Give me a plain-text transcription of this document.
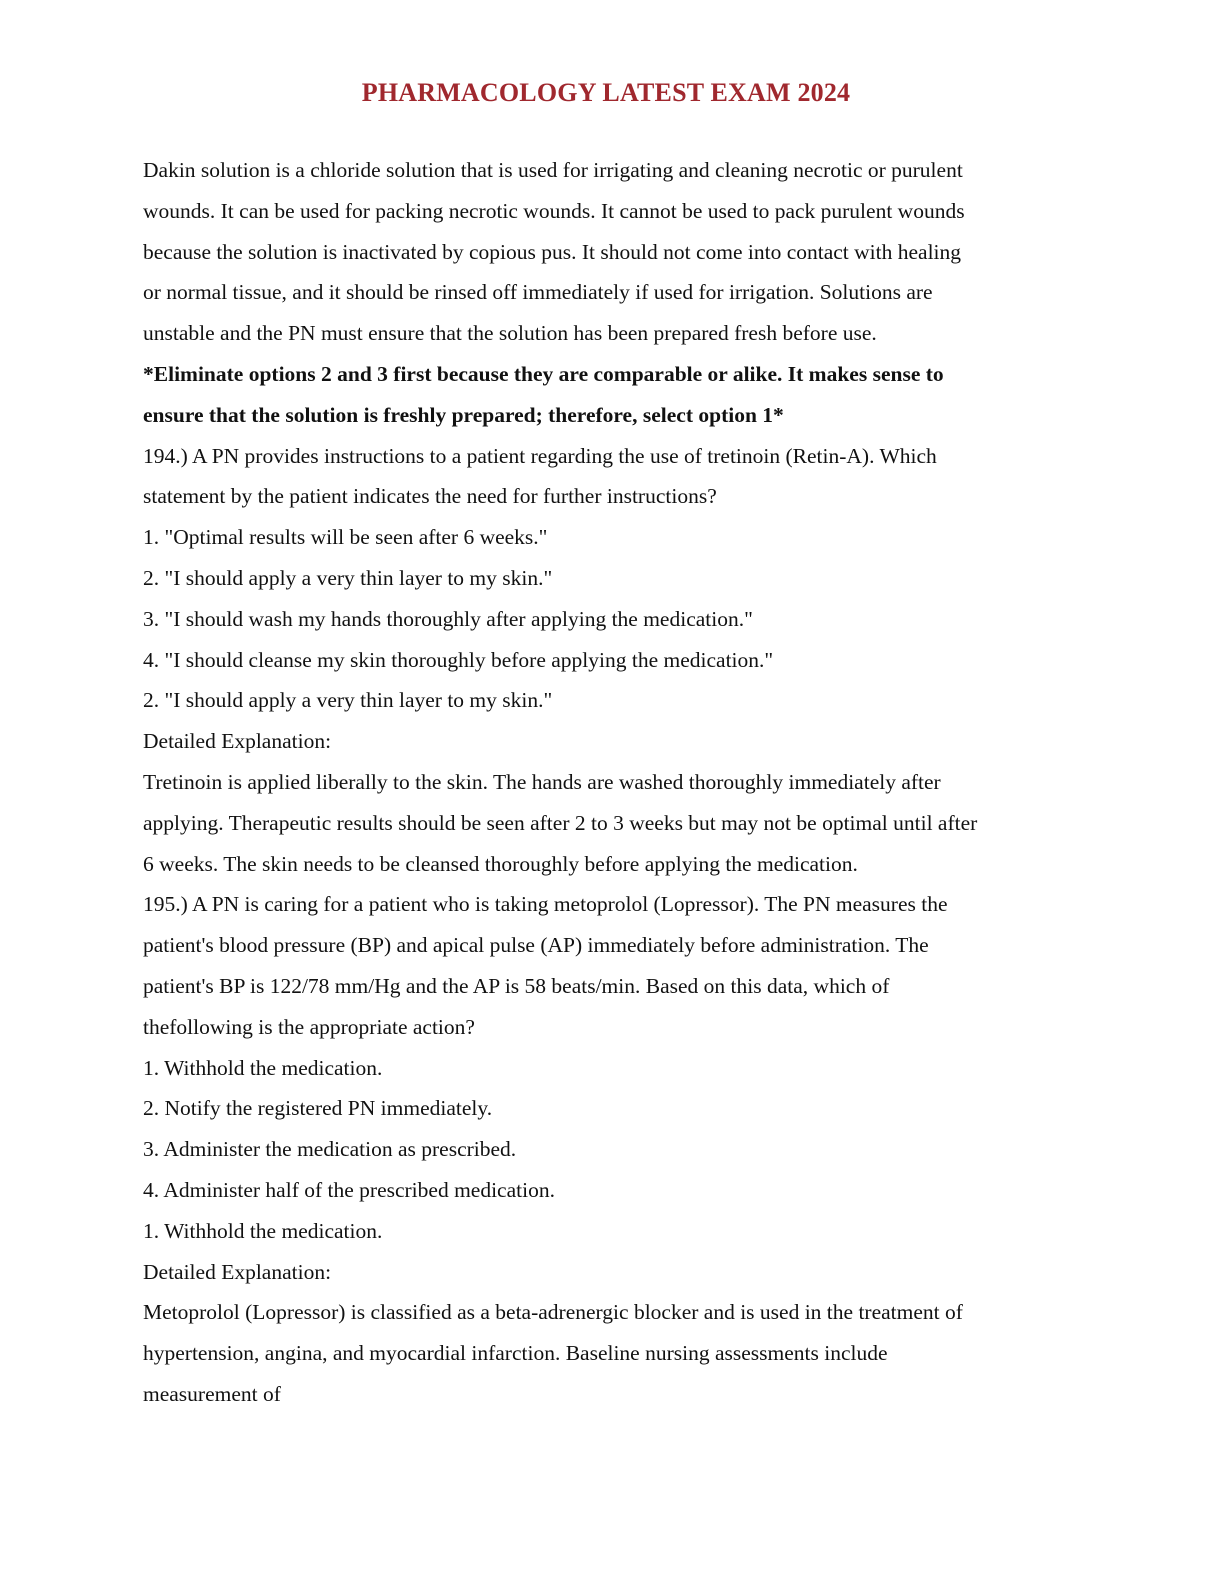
PHARMACOLOGY LATEST EXAM 2024
Dakin solution is a chloride solution that is used for irrigating and cleaning necrotic or purulent
wounds. It can be used for packing necrotic wounds. It cannot be used to pack purulent wounds
because the solution is inactivated by copious pus. It should not come into contact with healing
or normal tissue, and it should be rinsed off immediately if used for irrigation. Solutions are
unstable and the PN must ensure that the solution has been prepared fresh before use.
*Eliminate options 2 and 3 first because they are comparable or alike. It makes sense to
ensure that the solution is freshly prepared; therefore, select option 1*
194.) A PN provides instructions to a patient regarding the use of tretinoin (Retin-A). Which
statement by the patient indicates the need for further instructions?
1. "Optimal results will be seen after 6 weeks."
2. "I should apply a very thin layer to my skin."
3. "I should wash my hands thoroughly after applying the medication."
4. "I should cleanse my skin thoroughly before applying the medication."
2. "I should apply a very thin layer to my skin."
Detailed Explanation:
Tretinoin is applied liberally to the skin. The hands are washed thoroughly immediately after
applying. Therapeutic results should be seen after 2 to 3 weeks but may not be optimal until after
6 weeks. The skin needs to be cleansed thoroughly before applying the medication.
195.) A PN is caring for a patient who is taking metoprolol (Lopressor). The PN measures the
patient's blood pressure (BP) and apical pulse (AP) immediately before administration. The
patient's BP is 122/78 mm/Hg and the AP is 58 beats/min. Based on this data, which of
thefollowing is the appropriate action?
1. Withhold the medication.
2. Notify the registered PN immediately.
3. Administer the medication as prescribed.
4. Administer half of the prescribed medication.
1. Withhold the medication.
Detailed Explanation:
Metoprolol (Lopressor) is classified as a beta-adrenergic blocker and is used in the treatment of
hypertension, angina, and myocardial infarction. Baseline nursing assessments include
measurement of
